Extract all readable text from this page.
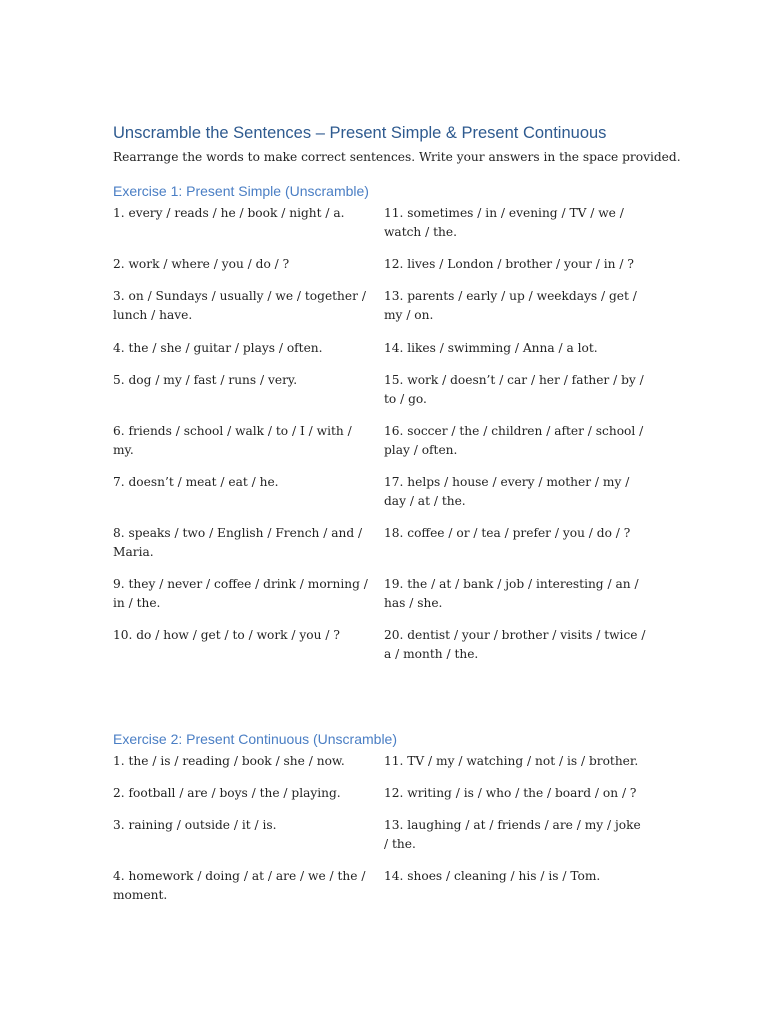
Unscramble the Sentences – Present Simple & Present Continuous

Rearrange the words to make correct sentences. Write your answers in the space provided.

Exercise 1: Present Simple (Unscramble)

1. every / reads / he / book / night / a.

2. work / where / you / do / ?

3. on / Sundays / usually / we / together / lunch / have.

4. the / she / guitar / plays / often.

5. dog / my / fast / runs / very.

6. friends / school / walk / to / I / with / my.

7. doesn’t / meat / eat / he.

8. speaks / two / English / French / and / Maria.

9. they / never / coffee / drink / morning / in / the.

10. do / how / get / to / work / you / ?

11. sometimes / in / evening / TV / we / watch / the.

12. lives / London / brother / your / in / ?

13. parents / early / up / weekdays / get / my / on.

14. likes / swimming / Anna / a lot.

15. work / doesn’t / car / her / father / by / to / go.

16. soccer / the / children / after / school / play / often.

17. helps / house / every / mother / my / day / at / the.

18. coffee / or / tea / prefer / you / do / ?

19. the / at / bank / job / interesting / an / has / she.

20. dentist / your / brother / visits / twice / a / month / the.

Exercise 2: Present Continuous (Unscramble)

1. the / is / reading / book / she / now.

2. football / are / boys / the / playing.

3. raining / outside / it / is.

4. homework / doing / at / are / we / the / moment.

11. TV / my / watching / not / is / brother.

12. writing / is / who / the / board / on / ?

13. laughing / at / friends / are / my / joke / the.

14. shoes / cleaning / his / is / Tom.
